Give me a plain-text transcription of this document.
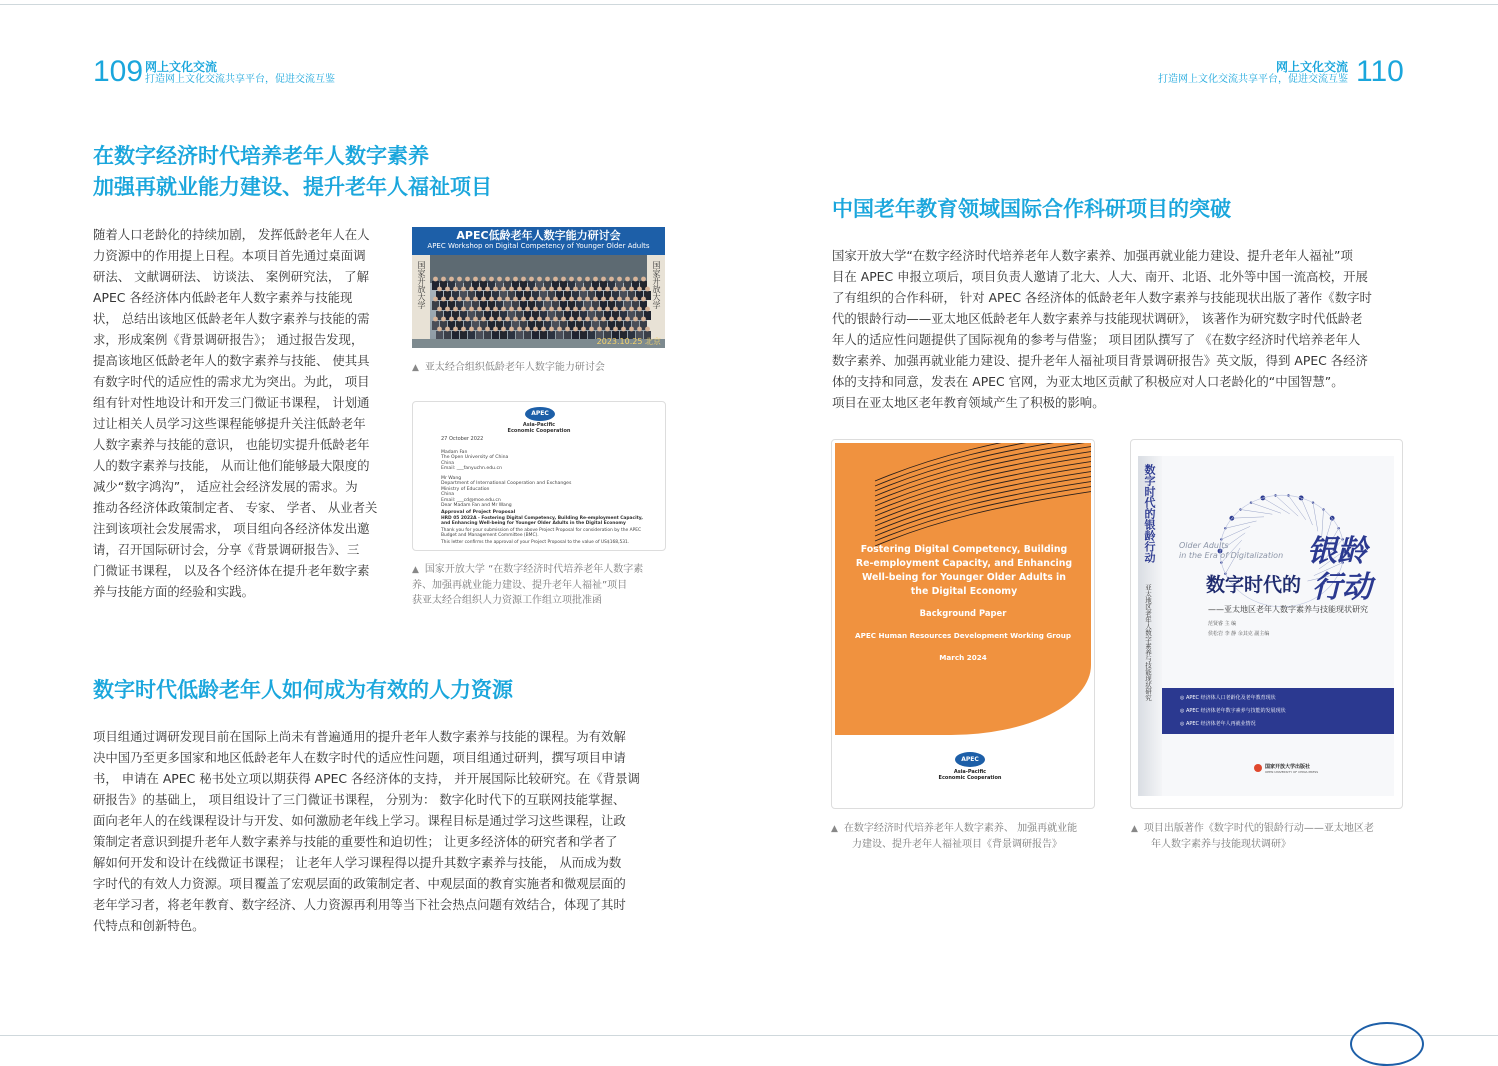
109 网上文化交流
打造网上文化交流共享平台，促进交流互鉴
网上文化交流
打造网上文化交流共享平台，促进交流互鉴 110
在数字经济时代培养老年人数字素养
加强再就业能力建设、提升老年人福祉项目
随着人口老龄化的持续加剧， 发挥低龄老年人在人
力资源中的作用提上日程。本项目首先通过桌面调
研法、 文献调研法、 访谈法、 案例研究法， 了解
APEC 各经济体内低龄老年人数字素养与技能现
状， 总结出该地区低龄老年人数字素养与技能的需
求，形成案例《背景调研报告》； 通过报告发现，
提高该地区低龄老年人的数字素养与技能、 使其具
有数字时代的适应性的需求尤为突出。为此， 项目
组有针对性地设计和开发三门微证书课程， 计划通
过让相关人员学习这些课程能够提升关注低龄老年
人数字素养与技能的意识， 也能切实提升低龄老年
人的数字素养与技能， 从而让他们能够最大限度的
减少“数字鸿沟”， 适应社会经济发展的需求。为
推动各经济体政策制定者、 专家、 学者、 从业者关
注到该项社会发展需求， 项目组向各经济体发出邀
请，召开国际研讨会，分享《背景调研报告》、三
门微证书课程， 以及各个经济体在提升老年数字素
养与技能方面的经验和实践。
APEC低龄老年人数字能力研讨会
APEC Workshop on Digital Competency of Younger Older Adults
国家开放大学	国家开放大学
2023.10.25 北京
▲ 亚太经合组织低龄老年人数字能力研讨会
APEC
Asia-Pacific
Economic Cooperation
27 October 2022
Madam Fan
The Open University of China
China
Email: ___fanyuchn.edu.cn
Mr Wang
Department of International Cooperation and Exchanges
Ministry of Education
China
Email: ___cd@moe.edu.cn
Dear Madam Fan and Mr Wang
Approval of Project Proposal
HRD 05 2022A - Fostering Digital Competency, Building Re-employment Capacity, and Enhancing Well-being for Younger Older Adults in the Digital Economy
Thank you for your submission of the above Project Proposal for consideration by the APEC Budget and Management Committee (BMC).
This letter confirms the approval of your Project Proposal to the value of US$168,531.
▲ 国家开放大学 “在数字经济时代培养老年人数字素
养、加强再就业能力建设、提升老年人福祉”项目
获亚太经合组织人力资源工作组立项批准函
数字时代低龄老年人如何成为有效的人力资源
项目组通过调研发现目前在国际上尚未有普遍通用的提升老年人数字素养与技能的课程。为有效解
决中国乃至更多国家和地区低龄老年人在数字时代的适应性问题，项目组通过研判，撰写项目申请
书， 申请在 APEC 秘书处立项以期获得 APEC 各经济体的支持， 并开展国际比较研究。在《背景调
研报告》的基础上， 项目组设计了三门微证书课程， 分别为： 数字化时代下的互联网技能掌握、
面向老年人的在线课程设计与开发、如何激励老年线上学习。课程目标是通过学习这些课程，让政
策制定者意识到提升老年人数字素养与技能的重要性和迫切性； 让更多经济体的研究者和学者了
解如何开发和设计在线微证书课程； 让老年人学习课程得以提升其数字素养与技能， 从而成为数
字时代的有效人力资源。项目覆盖了宏观层面的政策制定者、中观层面的教育实施者和微观层面的
老年学习者，将老年教育、数字经济、人力资源再利用等当下社会热点问题有效结合，体现了其时
代特点和创新特色。
中国老年教育领域国际合作科研项目的突破
国家开放大学“在数字经济时代培养老年人数字素养、加强再就业能力建设、提升老年人福祉”项
目在 APEC 申报立项后，项目负责人邀请了北大、人大、南开、北语、北外等中国一流高校，开展
了有组织的合作科研， 针对 APEC 各经济体的低龄老年人数字素养与技能现状出版了著作《数字时
代的银龄行动——亚太地区低龄老年人数字素养与技能现状调研》， 该著作为研究数字时代低龄老
年人的适应性问题提供了国际视角的参考与借鉴； 项目团队撰写了 《在数字经济时代培养老年人
数字素养、加强再就业能力建设、提升老年人福祉项目背景调研报告》英文版，得到 APEC 各经济
体的支持和同意，发表在 APEC 官网，为亚太地区贡献了积极应对人口老龄化的“中国智慧”。
项目在亚太地区老年教育领域产生了积极的影响。
Fostering Digital Competency, Building Re-employment Capacity, and Enhancing Well-being for Younger Older Adults in the Digital Economy
Background Paper
APEC Human Resources Development Working Group
March 2024
APEC
Asia-Pacific
Economic Cooperation
▲ 在数字经济时代培养老年人数字素养、 加强再就业能
力建设、提升老年人福祉项目《背景调研报告》
数字时代的银龄行动
亚太地区老年人数字素养与技能现状研究
Older Adults
in the Era of Digitalization 银龄
数字时代的 行动
——亚太地区老年人数字素养与技能现状研究
范贤睿 主 编
侯松岩 李 静 余其克 副主编
◎ APEC 经济体人口老龄化及老年教育现状
◎ APEC 经济体老年数字素养与技能的发展现状
◎ APEC 经济体老年人再就业情况
国家开放大学出版社
OPEN UNIVERSITY OF CHINA PRESS
▲ 项目出版著作《数字时代的银龄行动——亚太地区老
年人数字素养与技能现状调研》
